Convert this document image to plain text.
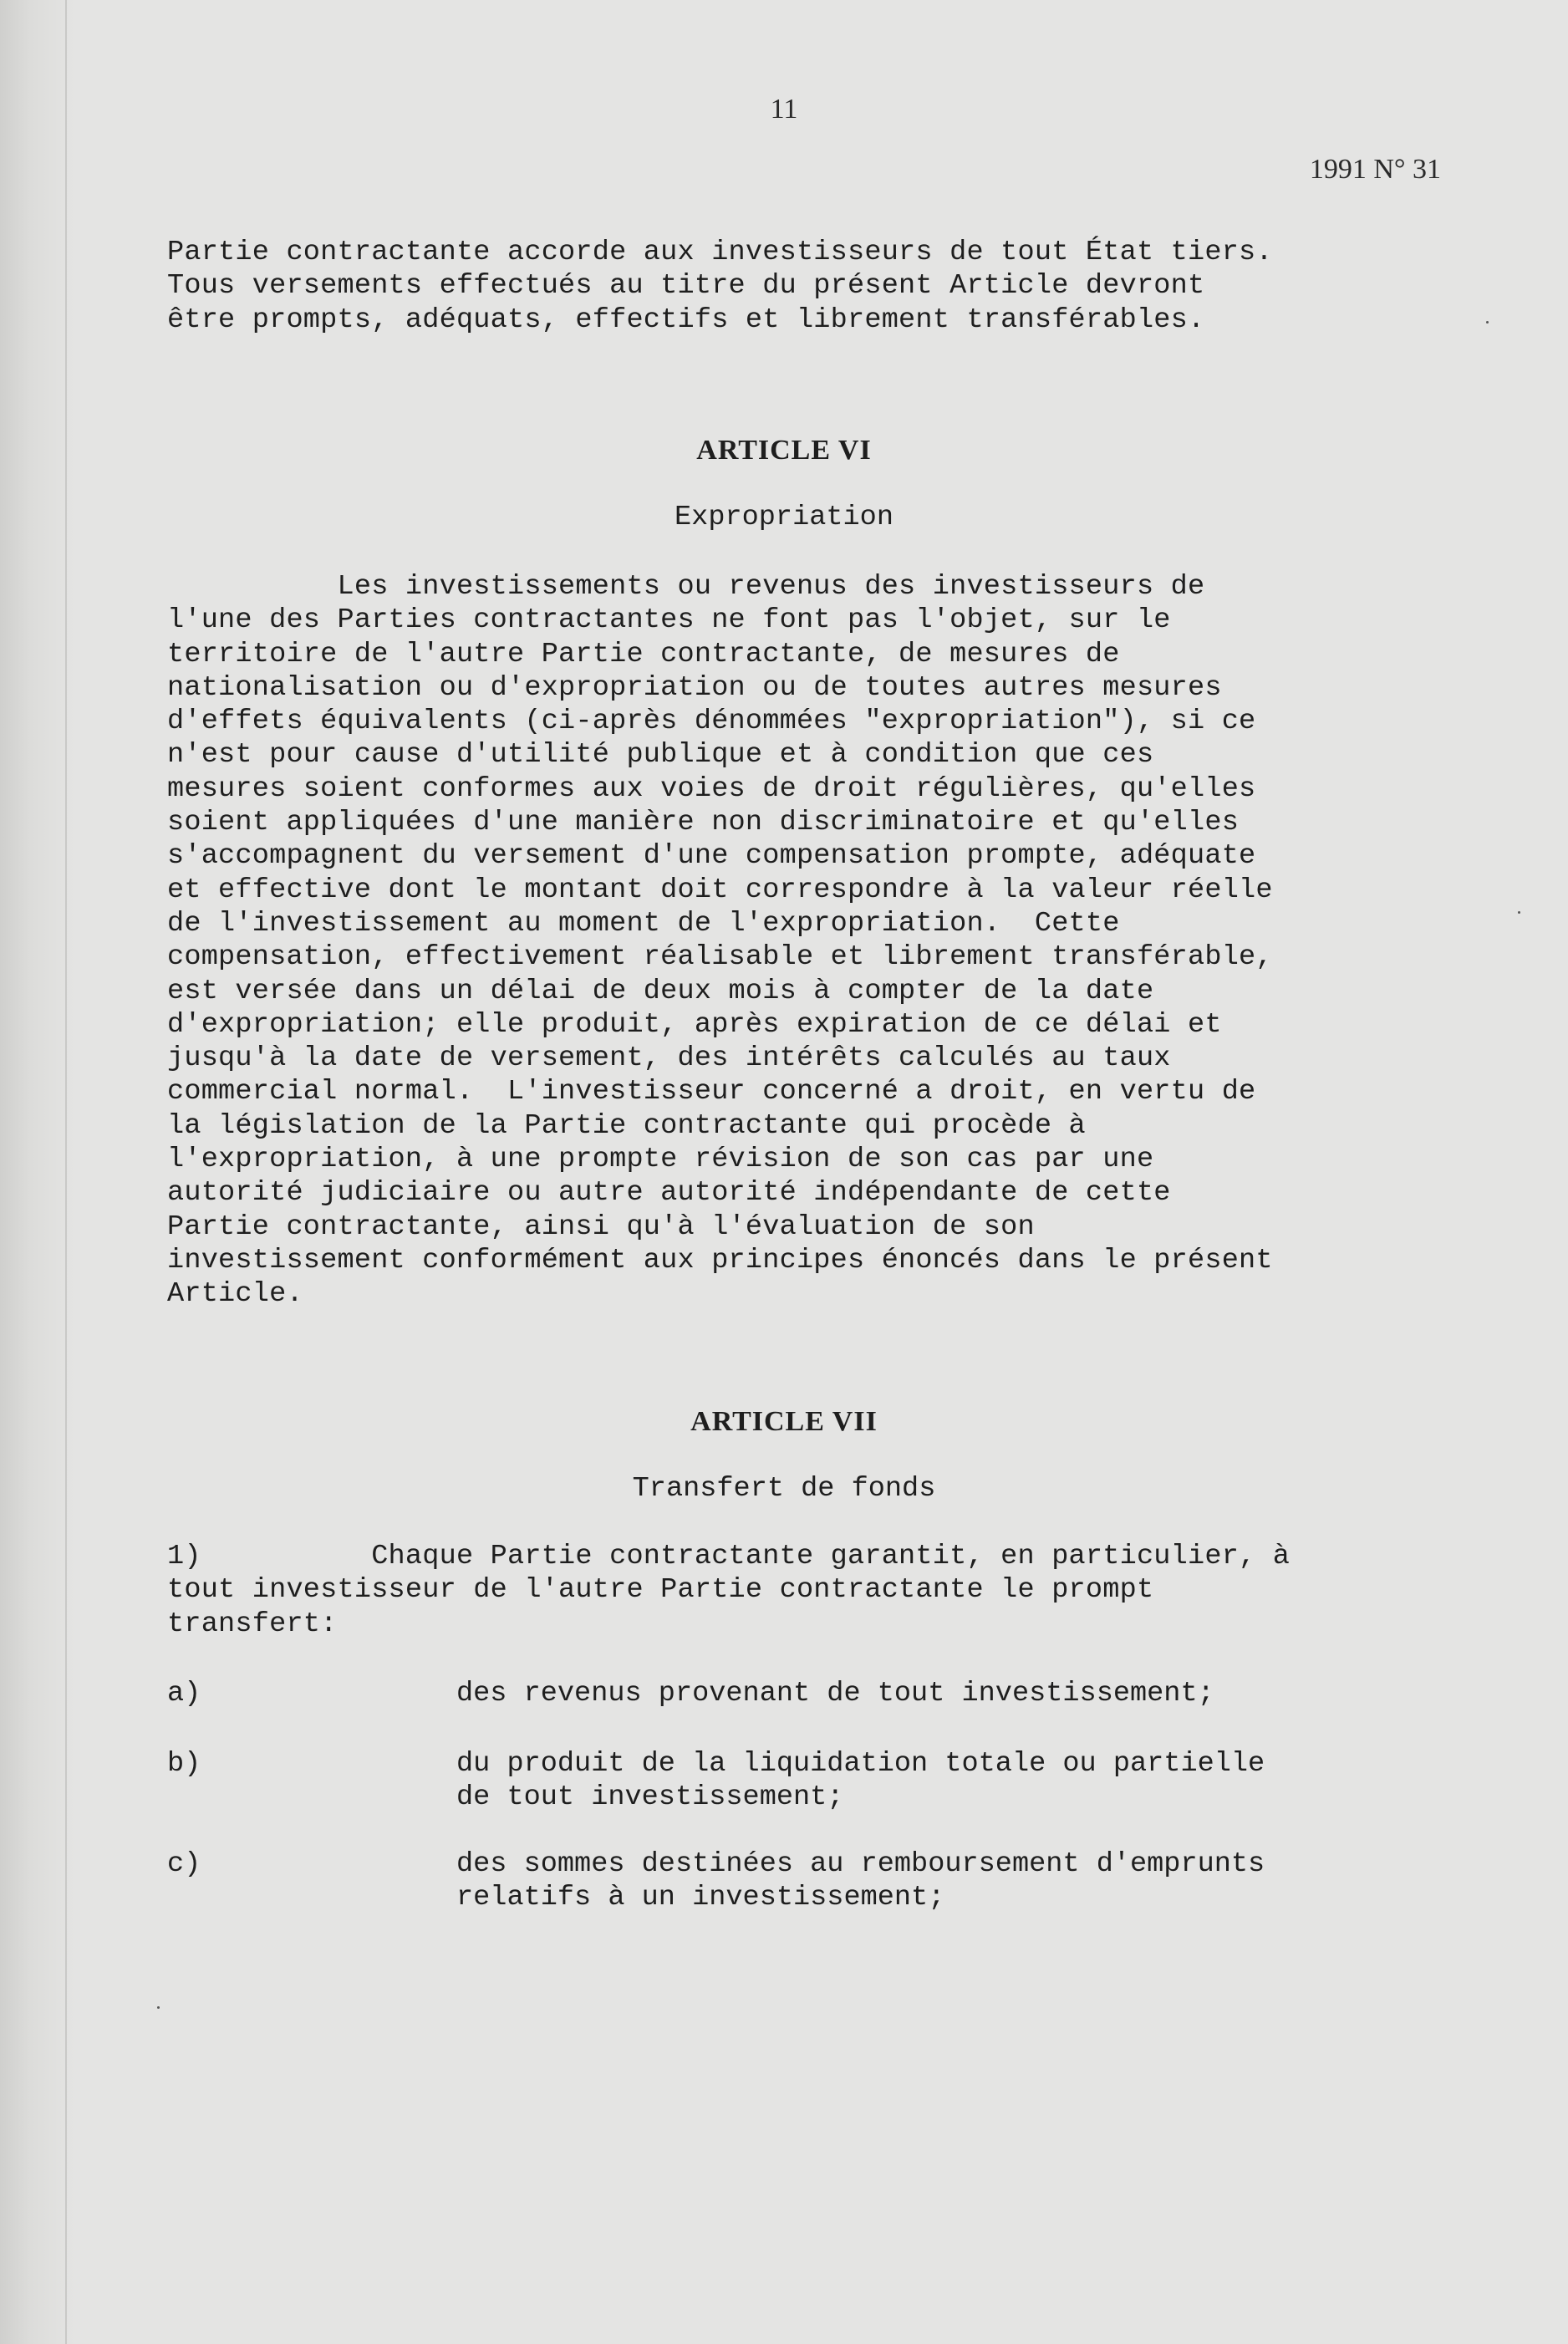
11
1991 N° 31
Partie contractante accorde aux investisseurs de tout État tiers.
Tous versements effectués au titre du présent Article devront
être prompts, adéquats, effectifs et librement transférables.
ARTICLE VI
Expropriation
Les investissements ou revenus des investisseurs de
l'une des Parties contractantes ne font pas l'objet, sur le
territoire de l'autre Partie contractante, de mesures de
nationalisation ou d'expropriation ou de toutes autres mesures
d'effets équivalents (ci-après dénommées "expropriation"), si ce
n'est pour cause d'utilité publique et à condition que ces
mesures soient conformes aux voies de droit régulières, qu'elles
soient appliquées d'une manière non discriminatoire et qu'elles
s'accompagnent du versement d'une compensation prompte, adéquate
et effective dont le montant doit correspondre à la valeur réelle
de l'investissement au moment de l'expropriation.  Cette
compensation, effectivement réalisable et librement transférable,
est versée dans un délai de deux mois à compter de la date
d'expropriation; elle produit, après expiration de ce délai et
jusqu'à la date de versement, des intérêts calculés au taux
commercial normal.  L'investisseur concerné a droit, en vertu de
la législation de la Partie contractante qui procède à
l'expropriation, à une prompte révision de son cas par une
autorité judiciaire ou autre autorité indépendante de cette
Partie contractante, ainsi qu'à l'évaluation de son
investissement conformément aux principes énoncés dans le présent
Article.
ARTICLE VII
Transfert de fonds
1)          Chaque Partie contractante garantit, en particulier, à
tout investisseur de l'autre Partie contractante le prompt
transfert:
a)	des revenus provenant de tout investissement;
b)	du produit de la liquidation totale ou partielle
de tout investissement;
c)	des sommes destinées au remboursement d'emprunts
relatifs à un investissement;
